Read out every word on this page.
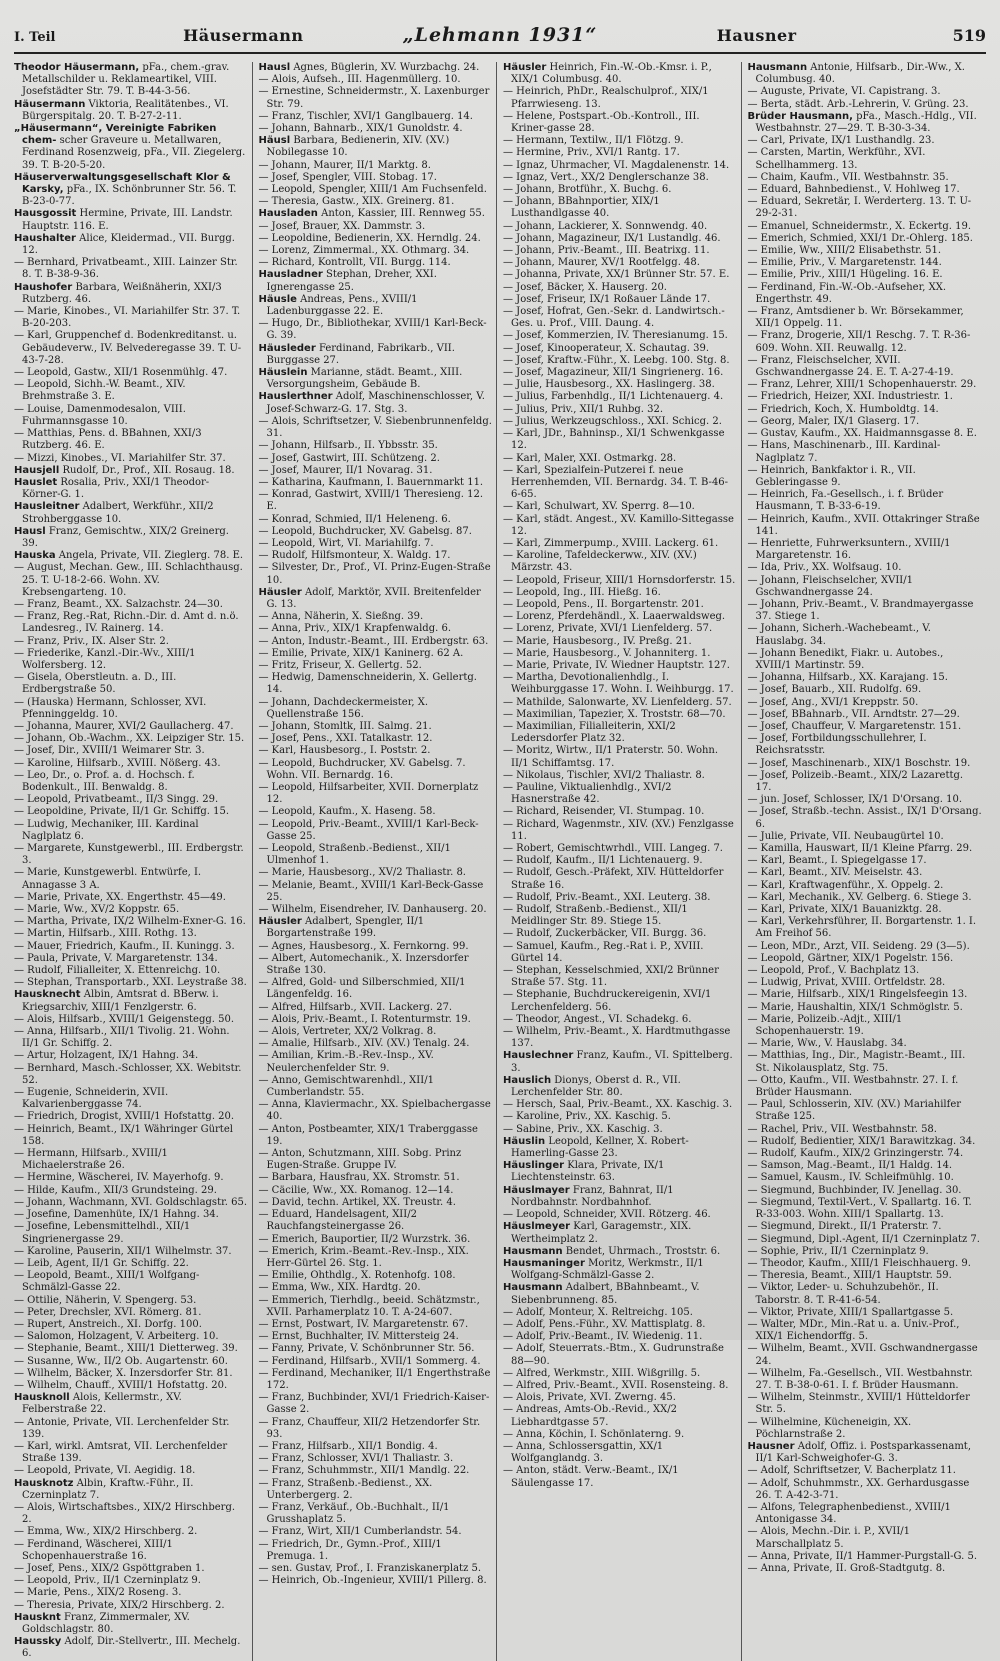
I. Teil	Häusermann	„Lehmann 1931“	Hausner	519

Theodor Häusermann, pFa., chem.-grav. Metallschilder u. Reklameartikel, VIII. Josefstädter Str. 79. T. B-44-3-56.

Häusermann Viktoria, Realitätenbes., VI. Bürgerspitalg. 20. T. B-27-2-11.

„Häusermann“, Vereinigte Fabriken chem- scher Graveure u. Metallwaren, Ferdinand Rosenzweig, pFa., VII. Ziegelerg. 39. T. B-20-5-20.

Häuserverwaltungsgesellschaft Klor & Karsky, pFa., IX. Schönbrunner Str. 56. T. B-23-0-77.

Hausgossit Hermine, Private, III. Landstr. Hauptstr. 116. E.

Haushalter Alice, Kleidermad., VII. Burgg. 12.

— Bernhard, Privatbeamt., XIII. Lainzer Str. 8. T. B-38-9-36.

Haushofer Barbara, Weißnäherin, XXI/3 Rutzberg. 46.

— Marie, Kinobes., VI. Mariahilfer Str. 37. T. B-20-203.

— Karl, Gruppenchef d. Bodenkreditanst. u. Gebäudeverw., IV. Belvederegasse 39. T. U-43-7-28.

— Leopold, Gastw., XII/1 Rosenmühlg. 47.

— Leopold, Sichh.-W. Beamt., XIV. Brehmstraße 3. E.

— Louise, Damenmodesalon, VIII. Fuhrmannsgasse 10.

— Matthias, Pens. d. BBahnen, XXI/3 Rutzberg. 46. E.

— Mizzi, Kinobes., VI. Mariahilfer Str. 37.

Hausjell Rudolf, Dr., Prof., XII. Rosaug. 18.

Hauslet Rosalia, Priv., XXI/1 Theodor-Körner-G. 1.

Hausleitner Adalbert, Werkführ., XII/2 Strohberggasse 10.

Hausl Franz, Gemischtw., XIX/2 Greinerg. 39.

Hauska Angela, Private, VII. Zieglerg. 78. E.

— August, Mechan. Gew., III. Schlachthausg. 25. T. U-18-2-66. Wohn. XV. Krebsengarteng. 10.

— Franz, Beamt., XX. Salzachstr. 24—30.

— Franz, Reg.-Rat, Richn.-Dir. d. Amt d. n.ö. Landesreg., IV. Rainerg. 14.

— Franz, Priv., IX. Alser Str. 2.

— Friederike, Kanzl.-Dir.-Wv., XIII/1 Wolfersberg. 12.

— Gisela, Oberstleutn. a. D., III. Erdbergstraße 50.

— (Hauska) Hermann, Schlosser, XVI. Pfenninggeldg. 10.

— Johanna, Maurer, XVI/2 Gaullacherg. 47.

— Johann, Ob.-Wachm., XX. Leipziger Str. 15.

— Josef, Dir., XVIII/1 Weimarer Str. 3.

— Karoline, Hilfsarb., XVIII. Nößerg. 43.

— Leo, Dr., o. Prof. a. d. Hochsch. f. Bodenkult., III. Benwaldg. 8.

— Leopold, Privatbeamt., II/3 Singg. 29.

— Leopoldine, Private, II/1 Gr. Schiffg. 15.

— Ludwig, Mechaniker, III. Kardinal Naglplatz 6.

— Margarete, Kunstgewerbl., III. Erdbergstr. 3.

— Marie, Kunstgewerbl. Entwürfe, I. Annagasse 3 A.

— Marie, Private, XX. Engerthstr. 45—49.

— Marie, Ww., XV/2 Koppstr. 65.

— Martha, Private, IX/2 Wilhelm-Exner-G. 16.

— Martin, Hilfsarb., XIII. Rothg. 13.

— Mauer, Friedrich, Kaufm., II. Kuningg. 3.

— Paula, Private, V. Margaretenstr. 134.

— Rudolf, Filialleiter, X. Ettenreichg. 10.

— Stephan, Transportarb., XXI. Leystraße 38.

Hausknecht Albin, Amtsrat d. BBerw. i. Kriegsarchiv, XIII/1 Fenzlgerstr. 6.

— Alois, Hilfsarb., XVIII/1 Geigenstegg. 50.

— Anna, Hilfsarb., XII/1 Tivolig. 21. Wohn. II/1 Gr. Schiffg. 2.

— Artur, Holzagent, IX/1 Hahng. 34.

— Bernhard, Masch.-Schlosser, XX. Webitstr. 52.

— Eugenie, Schneiderin, XVII. Kalvarienberggasse 74.

— Friedrich, Drogist, XVIII/1 Hofstattg. 20.

— Heinrich, Beamt., IX/1 Währinger Gürtel 158.

— Hermann, Hilfsarb., XVIII/1 Michaelerstraße 26.

— Hermine, Wäscherei, IV. Mayerhofg. 9.

— Hilde, Kaufm., XII/3 Grundsteing. 29.

— Johann, Wachmann, XVI. Goldschlagstr. 65.

— Josefine, Damenhüte, IX/1 Hahng. 34.

— Josefine, Lebensmittelhdl., XII/1 Singrienergasse 29.

— Karoline, Pauserin, XII/1 Wilhelmstr. 37.

— Leib, Agent, II/1 Gr. Schiffg. 22.

— Leopold, Beamt., XIII/1 Wolfgang-Schmälzl-Gasse 22.

— Ottilie, Näherin, V. Spengerg. 53.

— Peter, Drechsler, XVI. Römerg. 81.

— Rupert, Anstreich., XI. Dorfg. 100.

— Salomon, Holzagent, V. Arbeiterg. 10.

— Stephanie, Beamt., XIII/1 Dietterweg. 39.

— Susanne, Ww., II/2 Ob. Augartenstr. 60.

— Wilhelm, Bäcker, X. Inzersdorfer Str. 81.

— Wilhelm, Chauff., XVIII/1 Hofstattg. 20.

Hausknoll Alois, Kellermstr., XV. Felberstraße 22.

— Antonie, Private, VII. Lerchenfelder Str. 139.

— Karl, wirkl. Amtsrat, VII. Lerchenfelder Straße 139.

— Leopold, Private, VI. Aegidig. 18.

Hausknotz Albin, Kraftw.-Führ., II. Czerninplatz 7.

— Alois, Wirtschaftsbes., XIX/2 Hirschberg. 2.

— Emma, Ww., XIX/2 Hirschberg. 2.

— Ferdinand, Wäscherei, XIII/1 Schopenhauerstraße 16.

— Josef, Pens., XIX/2 Gspöttgraben 1.

— Leopold, Priv., II/1 Czerninplatz 9.

— Marie, Pens., XIX/2 Roseng. 3.

— Theresia, Private, XIX/2 Hirschberg. 2.

Hausknt Franz, Zimmermaler, XV. Goldschlagstr. 80.

Haussky Adolf, Dir.-Stellvertr., III. Mechelg. 6.

Hausl Agnes, Büglerin, XV. Wurzbachg. 24.

— Alois, Aufseh., III. Hagenmüllerg. 10.

— Ernestine, Schneidermstr., X. Laxenburger Str. 79.

— Franz, Tischler, XVI/1 Ganglbauerg. 14.

— Johann, Bahnarb., XIX/1 Gunoldstr. 4.

Häusl Barbara, Bedienerin, XIV. (XV.) Nobilegasse 10.

— Johann, Maurer, II/1 Marktg. 8.

— Josef, Spengler, VIII. Stobag. 17.

— Leopold, Spengler, XIII/1 Am Fuchsenfeld.

— Theresia, Gastw., XIX. Greinerg. 81.

Hausladen Anton, Kassier, III. Rennweg 55.

— Josef, Brauer, XX. Dammstr. 3.

— Leopoldine, Bedienerin, XX. Herndlg. 24.

— Lorenz, Zimmermal., XX. Othmarg. 34.

— Richard, Kontrollt, VII. Burgg. 114.

Hausladner Stephan, Dreher, XXI. Ignerengasse 25.

Häusle Andreas, Pens., XVIII/1 Ladenburggasse 22. E.

— Hugo, Dr., Bibliothekar, XVIII/1 Karl-Beck-G. 39.

Häusleder Ferdinand, Fabrikarb., VII. Burggasse 27.

Häuslein Marianne, städt. Beamt., XIII. Versorgungsheim, Gebäude B.

Hauslerthner Adolf, Maschinenschlosser, V. Josef-Schwarz-G. 17. Stg. 3.

— Alois, Schriftsetzer, V. Siebenbrunnenfeldg. 31.

— Johann, Hilfsarb., II. Ybbsstr. 35.

— Josef, Gastwirt, III. Schützeng. 2.

— Josef, Maurer, II/1 Novarag. 31.

— Katharina, Kaufmann, I. Bauernmarkt 11.

— Konrad, Gastwirt, XVIII/1 Theresieng. 12. E.

— Konrad, Schmied, II/1 Heleneng. 6.

— Leopold, Buchdrucker, XV. Gabelsg. 87.

— Leopold, Wirt, VI. Mariahilfg. 7.

— Rudolf, Hilfsmonteur, X. Waldg. 17.

— Silvester, Dr., Prof., VI. Prinz-Eugen-Straße 10.

Häusler Adolf, Marktör, XVII. Breitenfelder G. 13.

— Anna, Näherin, X. Sießng. 39.

— Anna, Priv., XIX/1 Krapfenwaldg. 6.

— Anton, Industr.-Beamt., III. Erdbergstr. 63.

— Emilie, Private, XIX/1 Kaninerg. 62 A.

— Fritz, Friseur, X. Gellertg. 52.

— Hedwig, Damenschneiderin, X. Gellertg. 14.

— Johann, Dachdeckermeister, X. Quellenstraße 156.

— Johann, Stomltk, III. Salmg. 21.

— Josef, Pens., XXI. Tatalkastr. 12.

— Karl, Hausbesorg., I. Poststr. 2.

— Leopold, Buchdrucker, XV. Gabelsg. 7. Wohn. VII. Bernardg. 16.

— Leopold, Hilfsarbeiter, XVII. Dornerplatz 12.

— Leopold, Kaufm., X. Haseng. 58.

— Leopold, Priv.-Beamt., XVIII/1 Karl-Beck-Gasse 25.

— Leopold, Straßenb.-Bedienst., XII/1 Ulmenhof 1.

— Marie, Hausbesorg., XV/2 Thaliastr. 8.

— Melanie, Beamt., XVIII/1 Karl-Beck-Gasse 25.

— Wilhelm, Eisendreher, IV. Danhauserg. 20.

Häusler Adalbert, Spengler, II/1 Borgartenstraße 199.

— Agnes, Hausbesorg., X. Fernkorng. 99.

— Albert, Automechanik., X. Inzersdorfer Straße 130.

— Alfred, Gold- und Silberschmied, XII/1 Längenfeldg. 16.

— Alfred, Hilfsarb., XVII. Lackerg. 27.

— Alois, Priv.-Beamt., I. Rotenturmstr. 19.

— Alois, Vertreter, XX/2 Volkrag. 8.

— Amalie, Hilfsarb., XIV. (XV.) Tenalg. 24.

— Amilian, Krim.-B.-Rev.-Insp., XV. Neulerchenfelder Str. 9.

— Anno, Gemischtwarenhdl., XII/1 Cumberlandstr. 55.

— Anna, Klaviermachr., XX. Spielbachergasse 40.

— Anton, Postbeamter, XIX/1 Traberggasse 19.

— Anton, Schutzmann, XIII. Sobg. Prinz Eugen-Straße. Gruppe IV.

— Barbara, Hausfrau, XX. Stromstr. 51.

— Cäcilie, Ww., XX. Romanog. 12—14.

— David, techn. Artikel, XX. Treustr. 4.

— Eduard, Handelsagent, XII/2 Rauchfangsteinergasse 26.

— Emerich, Bauportier, II/2 Wurzstrk. 36.

— Emerich, Krim.-Beamt.-Rev.-Insp., XIX. Herr-Gürtel 26. Stg. 1.

— Emilie, Ohthdlg., X. Rotenhofg. 108.

— Emma, Ww., XIX. Hardtg. 20.

— Emmerich, Tierhdlg., beeid. Schätzmstr., XVII. Parhamerplatz 10. T. A-24-607.

— Ernst, Postwart, IV. Margaretenstr. 67.

— Ernst, Buchhalter, IV. Mittersteig 24.

— Fanny, Private, V. Schönbrunner Str. 56.

— Ferdinand, Hilfsarb., XVII/1 Sommerg. 4.

— Ferdinand, Mechaniker, II/1 Engerthstraße 172.

— Franz, Buchbinder, XVI/1 Friedrich-Kaiser-Gasse 2.

— Franz, Chauffeur, XII/2 Hetzendorfer Str. 93.

— Franz, Hilfsarb., XII/1 Bondig. 4.

— Franz, Schlosser, XVI/1 Thaliastr. 3.

— Franz, Schuhmmstr., XII/1 Mandlg. 22.

— Franz, Straßenb.-Bedienst., XX. Unterbergerg. 2.

— Franz, Verkäuf., Ob.-Buchhalt., II/1 Grusshaplatz 5.

— Franz, Wirt, XII/1 Cumberlandstr. 54.

— Friedrich, Dr., Gymn.-Prof., XIII/1 Premuga. 1.

— sen. Gustav, Prof., I. Franziskanerplatz 5.

— Heinrich, Ob.-Ingenieur, XVIII/1 Pillerg. 8.

Häusler Heinrich, Fin.-W.-Ob.-Kmsr. i. P., XIX/1 Columbusg. 40.

— Heinrich, PhDr., Realschulprof., XIX/1 Pfarrwieseng. 13.

— Helene, Postspart.-Ob.-Kontroll., III. Kriner-gasse 28.

— Hermann, Textilw., II/1 Flötzg. 9.

— Hermine, Priv., XVI/1 Rantg. 17.

— Ignaz, Uhrmacher, VI. Magdalenenstr. 14.

— Ignaz, Vert., XX/2 Denglerschanze 38.

— Johann, Brotführ., X. Buchg. 6.

— Johann, BBahnportier, XIX/1 Lusthandlgasse 40.

— Johann, Lackierer, X. Sonnwendg. 40.

— Johann, Magazineur, IX/1 Lustandlg. 46.

— Johann, Priv.-Beamt., III. Beatrixg. 11.

— Johann, Maurer, XV/1 Rootfelgg. 48.

— Johanna, Private, XX/1 Brünner Str. 57. E.

— Josef, Bäcker, X. Hauserg. 20.

— Josef, Friseur, IX/1 Roßauer Lände 17.

— Josef, Hofrat, Gen.-Sekr. d. Landwirtsch.-Ges. u. Prof., VIII. Daung. 4.

— Josef, Kommerzien, IV. Theresianumg. 15.

— Josef, Kinooperateur, X. Schautag. 39.

— Josef, Kraftw.-Führ., X. Leebg. 100. Stg. 8.

— Josef, Magazineur, XII/1 Singrienerg. 16.

— Julie, Hausbesorg., XX. Haslingerg. 38.

— Julius, Farbenhdlg., II/1 Lichtenauerg. 4.

— Julius, Priv., XII/1 Ruhbg. 32.

— Julius, Werkzeugschloss., XXI. Schicg. 2.

— Karl, JDr., Bahninsp., XI/1 Schwenkgasse 12.

— Karl, Maler, XXI. Ostmarkg. 28.

— Karl, Spezialfein-Putzerei f. neue Herrenhemden, VII. Bernardg. 34. T. B-46-6-65.

— Karl, Schulwart, XV. Sperrg. 8—10.

— Karl, städt. Angest., XV. Kamillo-Sittegasse 12.

— Karl, Zimmerpump., XVIII. Lackerg. 61.

— Karoline, Tafeldeckerww., XIV. (XV.) Märzstr. 43.

— Leopold, Friseur, XIII/1 Hornsdorferstr. 15.

— Leopold, Ing., III. Hießg. 16.

— Leopold, Pens., II. Borgartenstr. 201.

— Lorenz, Pferdehändl., X. Laaerwaldsweg.

— Lorenz, Private, XVI/1 Lienfelderg. 57.

— Marie, Hausbesorg., IV. Preßg. 21.

— Marie, Hausbesorg., V. Johanniterg. 1.

— Marie, Private, IV. Wiedner Hauptstr. 127.

— Martha, Devotionalienhdlg., I. Weihburggasse 17. Wohn. I. Weihburgg. 17.

— Mathilde, Salonwarte, XV. Lienfelderg. 57.

— Maximilian, Tapezier, X. Troststr. 68—70.

— Maximilian, Filialleiterin, XXI/2 Ledersdorfer Platz 32.

— Moritz, Wirtw., II/1 Praterstr. 50. Wohn. II/1 Schiffamtsg. 17.

— Nikolaus, Tischler, XVI/2 Thaliastr. 8.

— Pauline, Viktualienhdlg., XVI/2 Hasnerstraße 42.

— Richard, Reisender, VI. Stumpag. 10.

— Richard, Wagenmstr., XIV. (XV.) Fenzlgasse 11.

— Robert, Gemischtwrhdl., VIII. Langeg. 7.

— Rudolf, Kaufm., II/1 Lichtenauerg. 9.

— Rudolf, Gesch.-Präfekt, XIV. Hütteldorfer Straße 16.

— Rudolf, Priv.-Beamt., XXI. Leuterg. 38.

— Rudolf, Straßenb.-Bedienst., XII/1 Meidlinger Str. 89. Stiege 15.

— Rudolf, Zuckerbäcker, VII. Burgg. 36.

— Samuel, Kaufm., Reg.-Rat i. P., XVIII. Gürtel 14.

— Stephan, Kesselschmied, XXI/2 Brünner Straße 57. Stg. 11.

— Stephanie, Buchdruckereigenin, XVI/1 Lerchenfelderg. 56.

— Theodor, Angest., VI. Schadekg. 6.

— Wilhelm, Priv.-Beamt., X. Hardtmuthgasse 137.

Hauslechner Franz, Kaufm., VI. Spittelberg. 3.

Hauslich Dionys, Oberst d. R., VII. Lerchenfelder Str. 80.

— Hersch, Saal, Priv.-Beamt., XX. Kaschig. 3.

— Karoline, Priv., XX. Kaschig. 5.

— Sabine, Priv., XX. Kaschig. 3.

Häuslin Leopold, Kellner, X. Robert-Hamerling-Gasse 23.

Häuslinger Klara, Private, IX/1 Liechtensteinstr. 63.

Häuslmayer Franz, Bahnrat, II/1 Nordbahnstr. Nordbahnhof.

— Leopold, Schneider, XVII. Rötzerg. 46.

Häuslmeyer Karl, Garagemstr., XIX. Wertheimplatz 2.

Hausmann Bendet, Uhrmach., Troststr. 6.

Hausmaninger Moritz, Werkmstr., II/1 Wolfgang-Schmälzl-Gasse 2.

Hausmann Adalbert, BBahnbeamt., V. Siebenbrunneng. 85.

— Adolf, Monteur, X. Reltreichg. 105.

— Adolf, Pens.-Führ., XV. Mattisplatg. 8.

— Adolf, Priv.-Beamt., IV. Wiedenig. 11.

— Adolf, Steuerrats.-Btm., X. Gudrunstraße 88—90.

— Alfred, Werkmstr., XIII. Wißgrillg. 5.

— Alfred, Priv.-Beamt., XVII. Rosensteing. 8.

— Alois, Private, XVI. Zwerng. 45.

— Andreas, Amts-Ob.-Revid., XX/2 Liebhardtgasse 57.

— Anna, Köchin, I. Schönlaterng. 9.

— Anna, Schlossersgattin, XX/1 Wolfganglandg. 3.

— Anton, städt. Verw.-Beamt., IX/1 Säulengasse 17.

Hausmann Antonie, Hilfsarb., Dir.-Ww., X. Columbusg. 40.

— Auguste, Private, VI. Capistrang. 3.

— Berta, städt. Arb.-Lehrerin, V. Grüng. 23.

Brüder Hausmann, pFa., Masch.-Hdlg., VII. Westbahnstr. 27—29. T. B-30-3-34.

— Carl, Private, IX/1 Lusthandlg. 23.

— Carsten, Martin, Werkführ., XVI. Schellhammerg. 13.

— Chaim, Kaufm., VII. Westbahnstr. 35.

— Eduard, Bahnbedienst., V. Hohlweg 17.

— Eduard, Sekretär, I. Werderterg. 13. T. U-29-2-31.

— Emanuel, Schneidermstr., X. Eckertg. 19.

— Emerich, Schmied, XXI/1 Dr.-Ohlerg. 185.

— Emilie, Ww., XIII/2 Elisabethstr. 51.

— Emilie, Priv., V. Margaretenstr. 144.

— Emilie, Priv., XIII/1 Hügeling. 16. E.

— Ferdinand, Fin.-W.-Ob.-Aufseher, XX. Engerthstr. 49.

— Franz, Amtsdiener b. Wr. Börsekammer, XII/1 Oppelg. 11.

— Franz, Drogerie, XII/1 Reschg. 7. T. R-36-609. Wohn. XII. Reuwallg. 12.

— Franz, Fleischselcher, XVII. Gschwandnergasse 24. E. T. A-27-4-19.

— Franz, Lehrer, XIII/1 Schopenhauerstr. 29.

— Friedrich, Heizer, XXI. Industriestr. 1.

— Friedrich, Koch, X. Humboldtg. 14.

— Georg, Maler, IX/1 Glaserg. 17.

— Gustav, Kaufm., XX. Haidmannsgasse 8. E.

— Hans, Maschinenarb., III. Kardinal-Naglplatz 7.

— Heinrich, Bankfaktor i. R., VII. Gebleringasse 9.

— Heinrich, Fa.-Gesellsch., i. f. Brüder Hausmann, T. B-33-6-19.

— Heinrich, Kaufm., XVII. Ottakringer Straße 141.

— Henriette, Fuhrwerksuntern., XVIII/1 Margaretenstr. 16.

— Ida, Priv., XX. Wolfsaug. 10.

— Johann, Fleischselcher, XVII/1 Gschwandnergasse 24.

— Johann, Priv.-Beamt., V. Brandmayergasse 37. Stiege 1.

— Johann, Sicherh.-Wachebeamt., V. Hauslabg. 34.

— Johann Benedikt, Fiakr. u. Autobes., XVIII/1 Martinstr. 59.

— Johanna, Hilfsarb., XX. Karajang. 15.

— Josef, Bauarb., XII. Rudolfg. 69.

— Josef, Ang., XVI/1 Kreppstr. 50.

— Josef, BBahnarb., VII. Arndtstr. 27—29.

— Josef, Chauffeur, V. Margaretenstr. 151.

— Josef, Fortbildungsschullehrer, I. Reichsratsstr.

— Josef, Maschinenarb., XIX/1 Boschstr. 19.

— Josef, Polizeib.-Beamt., XIX/2 Lazarettg. 17.

— jun. Josef, Schlosser, IX/1 D'Orsang. 10.

— Josef, Straßb.-techn. Assist., IX/1 D'Orsang. 6.

— Julie, Private, VII. Neubaugürtel 10.

— Kamilla, Hauswart, II/1 Kleine Pfarrg. 29.

— Karl, Beamt., I. Spiegelgasse 17.

— Karl, Beamt., XIV. Meiselstr. 43.

— Karl, Kraftwagenführ., X. Oppelg. 2.

— Karl, Mechanik., XV. Gelberg. 6. Stiege 3.

— Karl, Private, XIX/1 Bauanizktg. 28.

— Karl, Verkehrsführer, II. Borgartenstr. 1. I. Am Freihof 56.

— Leon, MDr., Arzt, VII. Seideng. 29 (3—5).

— Leopold, Gärtner, XIX/1 Pogelstr. 156.

— Leopold, Prof., V. Bachplatz 13.

— Ludwig, Privat, XVIII. Ortfeldstr. 28.

— Marie, Hilfsarb., XIX/1 Ringelsfeegin 13.

— Marie, Haushaltin, XIX/1 Schmöglstr. 5.

— Marie, Polizeib.-Adjt., XIII/1 Schopenhauerstr. 19.

— Marie, Ww., V. Hauslabg. 34.

— Matthias, Ing., Dir., Magistr.-Beamt., III. St. Nikolausplatz, Stg. 75.

— Otto, Kaufm., VII. Westbahnstr. 27. I. f. Brüder Hausmann.

— Paul, Schlosserin, XIV. (XV.) Mariahilfer Straße 125.

— Rachel, Priv., VII. Westbahnstr. 58.

— Rudolf, Bedientier, XIX/1 Barawitzkag. 34.

— Rudolf, Kaufm., XIX/2 Grinzingerstr. 74.

— Samson, Mag.-Beamt., II/1 Haldg. 14.

— Samuel, Kausm., IV. Schleifmühlg. 10.

— Siegmund, Buchbinder, IV. Jenellag. 30.

— Siegmund, Textil-Vert., V. Spallartg. 16. T. R-33-003. Wohn. XIII/1 Spallartg. 13.

— Siegmund, Direkt., II/1 Praterstr. 7.

— Siegmund, Dipl.-Agent, II/1 Czerninplatz 7.

— Sophie, Priv., II/1 Czerninplatz 9.

— Theodor, Kaufm., XIII/1 Fleischhauerg. 9.

— Theresia, Beamt., XIII/1 Hauptstr. 59.

— Viktor, Leder- u. Schuhzubehör., II. Taborstr. 8. T. R-41-6-54.

— Viktor, Private, XIII/1 Spallartgasse 5.

— Walter, MDr., Min.-Rat u. a. Univ.-Prof., XIX/1 Eichendorffg. 5.

— Wilhelm, Beamt., XVII. Gschwandnergasse 24.

— Wilhelm, Fa.-Gesellsch., VII. Westbahnstr. 27. T. B-38-0-61. I. f. Brüder Hausmann.

— Wilhelm, Steinmstr., XVIII/1 Hütteldorfer Str. 5.

— Wilhelmine, Kücheneigin, XX. Pöchlarnstraße 2.

Hausner Adolf, Offiz. i. Postsparkassenamt, II/1 Karl-Schweighofer-G. 3.

— Adolf, Schriftsetzer, V. Bacherplatz 11.

— Adolf, Schuhmmstr., XX. Gerhardusgasse 26. T. A-42-3-71.

— Alfons, Telegraphenbedienst., XVIII/1 Antonigasse 34.

— Alois, Mechn.-Dir. i. P., XVII/1 Marschallplatz 5.

— Anna, Private, II/1 Hammer-Purgstall-G. 5.

— Anna, Private, II. Groß-Stadtgutg. 8.
